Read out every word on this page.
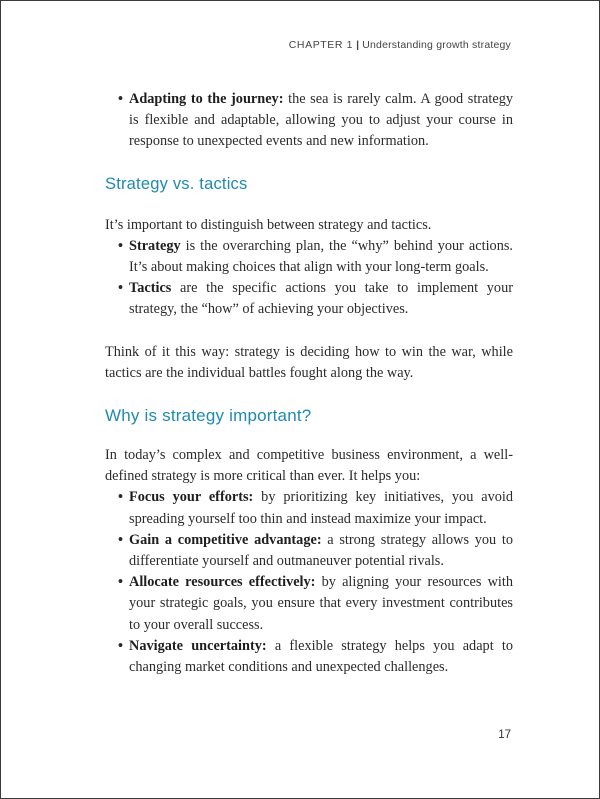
CHAPTER 1 | Understanding growth strategy
• Adapting to the journey: the sea is rarely calm. A good strategy is flexible and adaptable, allowing you to adjust your course in response to unexpected events and new information.
Strategy vs. tactics

It’s important to distinguish between strategy and tactics.

• Strategy is the overarching plan, the “why” behind your actions. It’s about making choices that align with your long-term goals.
• Tactics are the specific actions you take to implement your strategy, the “how” of achieving your objectives.

Think of it this way: strategy is deciding how to win the war, while tactics are the individual battles fought along the way.

Why is strategy important?

In today’s complex and competitive business environment, a well-defined strategy is more critical than ever. It helps you:

• Focus your efforts: by prioritizing key initiatives, you avoid spreading yourself too thin and instead maximize your impact.
• Gain a competitive advantage: a strong strategy allows you to differentiate yourself and outmaneuver potential rivals.
• Allocate resources effectively: by aligning your resources with your strategic goals, you ensure that every investment contributes to your overall success.
• Navigate uncertainty: a flexible strategy helps you adapt to changing market conditions and unexpected challenges.
17
